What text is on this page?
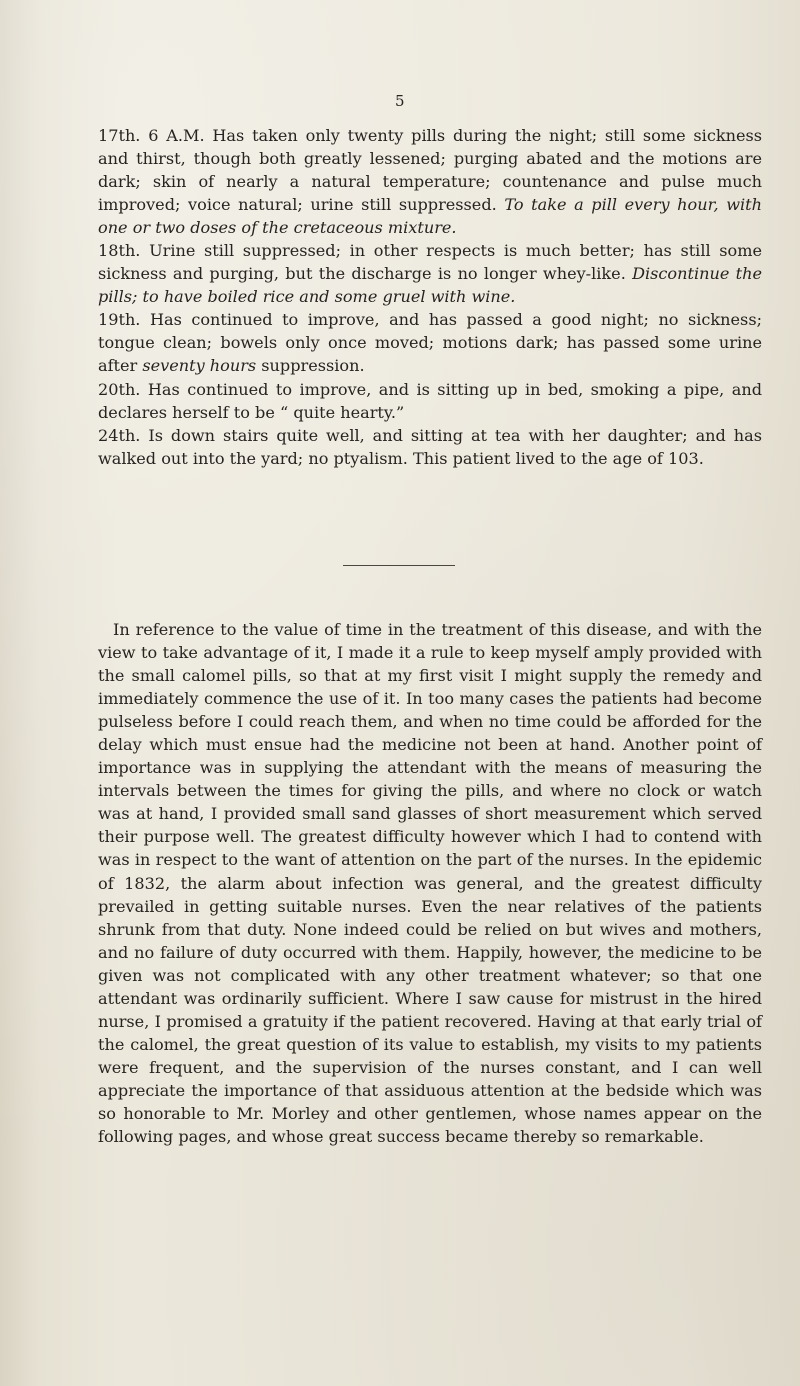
5

17th. 6 A.M. Has taken only twenty pills during the night; still some sickness and thirst, though both greatly lessened; purging abated and the motions are dark; skin of nearly a natural temperature; countenance and pulse much improved; voice natural; urine still suppressed. To take a pill every hour, with one or two doses of the cretaceous mixture.

18th. Urine still suppressed; in other respects is much better; has still some sickness and purging, but the discharge is no longer whey-like. Discontinue the pills; to have boiled rice and some gruel with wine.

19th. Has continued to improve, and has passed a good night; no sickness; tongue clean; bowels only once moved; motions dark; has passed some urine after seventy hours suppression.

20th. Has continued to improve, and is sitting up in bed, smoking a pipe, and declares herself to be “ quite hearty.”

24th. Is down stairs quite well, and sitting at tea with her daughter; and has walked out into the yard; no ptyalism. This patient lived to the age of 103.

In reference to the value of time in the treatment of this disease, and with the view to take advantage of it, I made it a rule to keep myself amply provided with the small calomel pills, so that at my first visit I might supply the remedy and immediately commence the use of it. In too many cases the patients had become pulseless before I could reach them, and when no time could be afforded for the delay which must ensue had the medicine not been at hand. Another point of importance was in supplying the attendant with the means of measuring the intervals between the times for giving the pills, and where no clock or watch was at hand, I provided small sand glasses of short measurement which served their purpose well. The greatest difficulty however which I had to contend with was in respect to the want of attention on the part of the nurses. In the epidemic of 1832, the alarm about infection was general, and the greatest difficulty prevailed in getting suitable nurses. Even the near relatives of the patients shrunk from that duty. None indeed could be relied on but wives and mothers, and no failure of duty occurred with them. Happily, however, the medicine to be given was not complicated with any other treatment whatever; so that one attendant was ordinarily sufficient. Where I saw cause for mistrust in the hired nurse, I promised a gratuity if the patient recovered. Having at that early trial of the calomel, the great question of its value to establish, my visits to my patients were frequent, and the supervision of the nurses constant, and I can well appreciate the importance of that assiduous attention at the bedside which was so honorable to Mr. Morley and other gentlemen, whose names appear on the following pages, and whose great success became thereby so remarkable.
